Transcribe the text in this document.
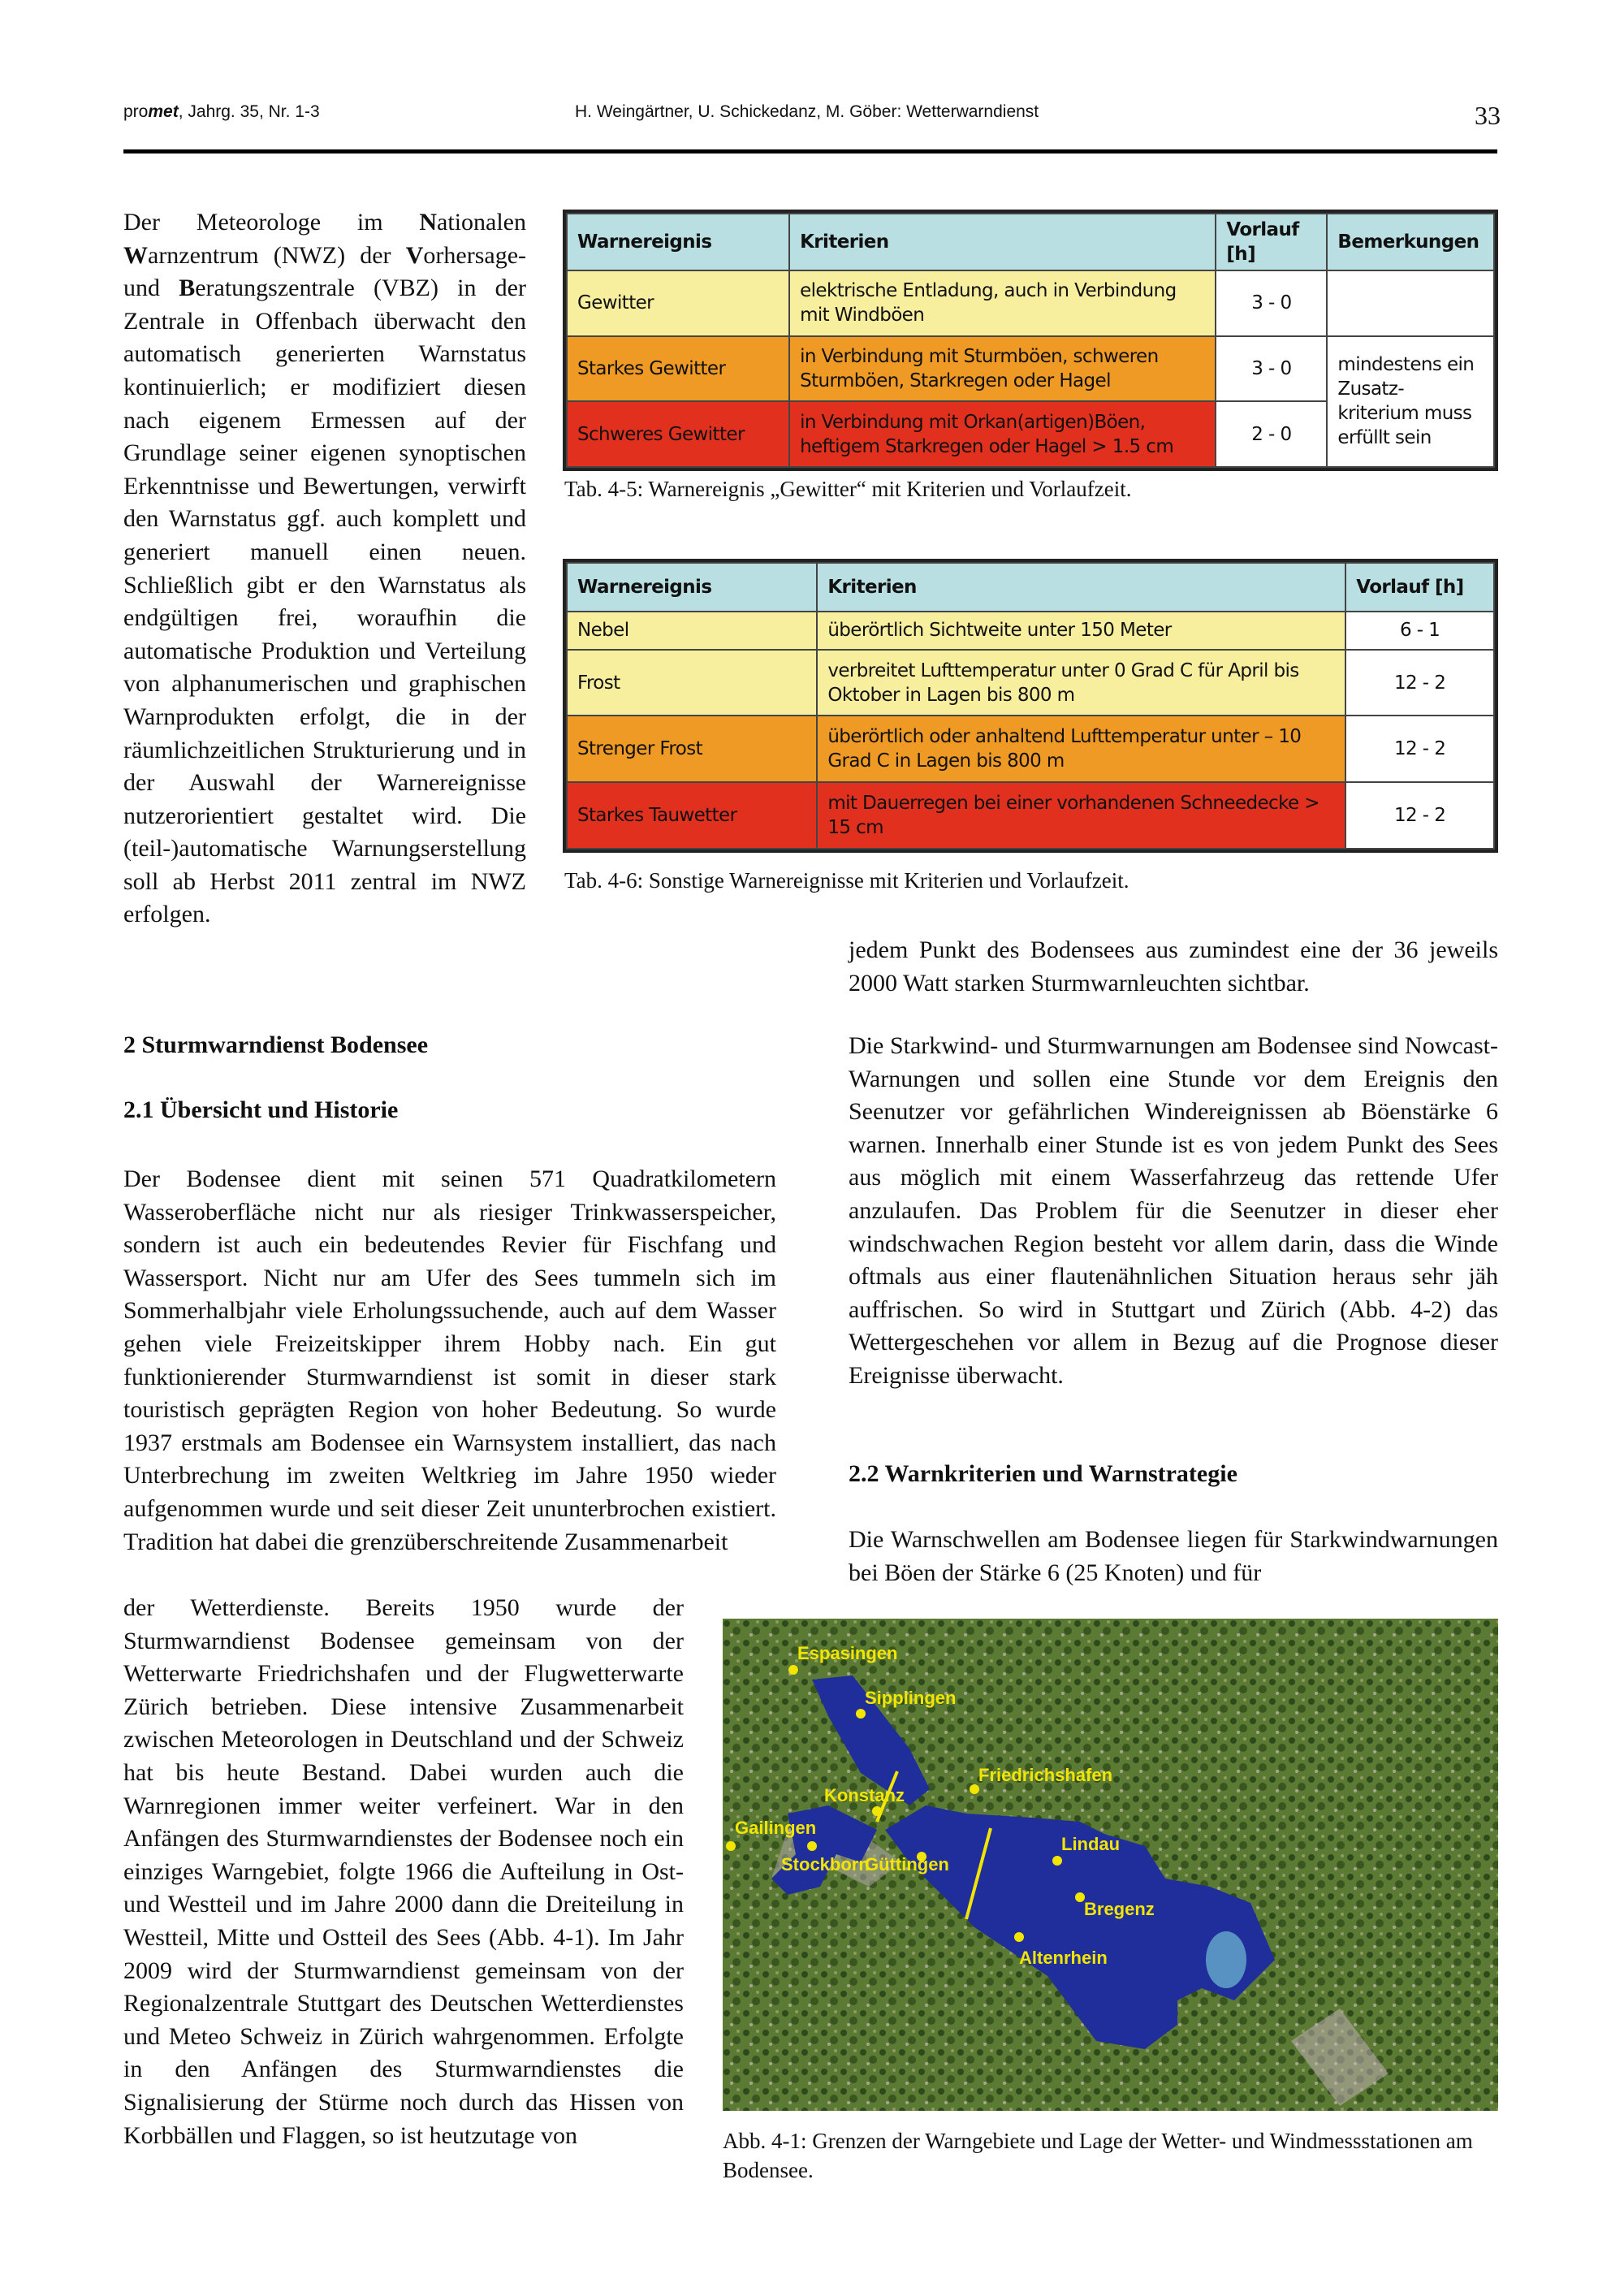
promet, Jahrg. 35, Nr. 1-3	H. Weingärtner, U. Schickedanz, M. Göber: Wetterwarndienst	33

Der Meteorologe im Nationalen Warnzentrum (NWZ) der Vorhersage- und Beratungszentrale (VBZ) in der Zentrale in Offenbach überwacht den automatisch generierten Warnstatus kontinuierlich; er modifiziert diesen nach eigenem Ermessen auf der Grundlage seiner eigenen synoptischen Erkenntnisse und Bewertungen, verwirft den Warnstatus ggf. auch komplett und generiert manuell einen neuen. Schließlich gibt er den Warnstatus als endgültigen frei, woraufhin die automatische Produktion und Verteilung von alphanumerischen und graphischen Warnprodukten erfolgt, die in der räumlichzeitlichen Strukturierung und in der Auswahl der Warnereignisse nutzerorientiert gestaltet wird. Die (teil-)automatische Warnungserstellung soll ab Herbst 2011 zentral im NWZ erfolgen.

Warnereignis	Kriterien	Vorlauf [h]	Bemerkungen
Gewitter	elektrische Entladung, auch in Verbindung mit Windböen	3 - 0	
Starkes Gewitter	in Verbindung mit Sturmböen, schweren Sturmböen, Starkregen oder Hagel	3 - 0	mindestens ein Zusatz-kriterium muss erfüllt sein
Schweres Gewitter	in Verbindung mit Orkan(artigen)Böen, heftigem Starkregen oder Hagel > 1.5 cm	2 - 0	
Tab. 4-5: Warnereignis „Gewitter“ mit Kriterien und Vorlaufzeit.
Warnereignis	Kriterien	Vorlauf [h]
Nebel	überörtlich Sichtweite unter 150 Meter	6 - 1
Frost	verbreitet Lufttemperatur unter 0 Grad C für April bis Oktober in Lagen bis 800 m	12 - 2
Strenger Frost	überörtlich oder anhaltend Lufttemperatur unter – 10 Grad C in Lagen bis 800 m	12 - 2
Starkes Tauwetter	mit Dauerregen bei einer vorhandenen Schneedecke > 15 cm	12 - 2
Tab. 4-6: Sonstige Warnereignisse mit Kriterien und Vorlaufzeit.
2 Sturmwarndienst Bodensee
2.1 Übersicht und Historie

Der Bodensee dient mit seinen 571 Quadratkilometern Wasseroberfläche nicht nur als riesiger Trinkwasserspeicher, sondern ist auch ein bedeutendes Revier für Fischfang und Wassersport. Nicht nur am Ufer des Sees tummeln sich im Sommerhalbjahr viele Erholungssuchende, auch auf dem Wasser gehen viele Freizeitskipper ihrem Hobby nach. Ein gut funktionierender Sturmwarndienst ist somit in dieser stark touristisch geprägten Region von hoher Bedeutung. So wurde 1937 erstmals am Bodensee ein Warnsystem installiert, das nach Unterbrechung im zweiten Weltkrieg im Jahre 1950 wieder aufgenommen wurde und seit dieser Zeit ununterbrochen existiert. Tradition hat dabei die grenzüberschreitende Zusammenarbeit

der Wetterdienste. Bereits 1950 wurde der Sturmwarndienst Bodensee gemeinsam von der Wetterwarte Friedrichshafen und der Flugwetterwarte Zürich betrieben. Diese intensive Zusammenarbeit zwischen Meteorologen in Deutschland und der Schweiz hat bis heute Bestand. Dabei wurden auch die Warnregionen immer weiter verfeinert. War in den Anfängen des Sturmwarndienstes der Bodensee noch ein einziges Warngebiet, folgte 1966 die Aufteilung in Ost- und Westteil und im Jahre 2000 dann die Dreiteilung in Westteil, Mitte und Ostteil des Sees (Abb. 4-1). Im Jahr 2009 wird der Sturmwarndienst gemeinsam von der Regionalzentrale Stuttgart des Deutschen Wetterdienstes und Meteo Schweiz in Zürich wahrgenommen. Erfolgte in den Anfängen des Sturmwarndienstes die Signalisierung der Stürme noch durch das Hissen von Korbbällen und Flaggen, so ist heutzutage von

jedem Punkt des Bodensees aus zumindest eine der 36 jeweils 2000 Watt starken Sturmwarnleuchten sichtbar.

Die Starkwind- und Sturmwarnungen am Bodensee sind Nowcast-Warnungen und sollen eine Stunde vor dem Ereignis den Seenutzer vor gefährlichen Windereignissen ab Böenstärke 6 warnen. Innerhalb einer Stunde ist es von jedem Punkt des Sees aus möglich mit einem Wasserfahrzeug das rettende Ufer anzulaufen. Das Problem für die Seenutzer in dieser eher windschwachen Region besteht vor allem darin, dass die Winde oftmals aus einer flautenähnlichen Situation heraus sehr jäh auffrischen. So wird in Stuttgart und Zürich (Abb. 4-2) das Wettergeschehen vor allem in Bezug auf die Prognose dieser Ereignisse überwacht.

2.2 Warnkriterien und Warnstrategie

Die Warnschwellen am Bodensee liegen für Starkwindwarnungen bei Böen der Stärke 6 (25 Knoten) und für

Espasingen
Sipplingen
Friedrichshafen
Konstanz
Gailingen
Stockborn
Güttingen
Lindau
Bregenz
Altenrhein
Abb. 4-1: Grenzen der Warngebiete und Lage der Wetter- und Windmessstationen am Bodensee.
